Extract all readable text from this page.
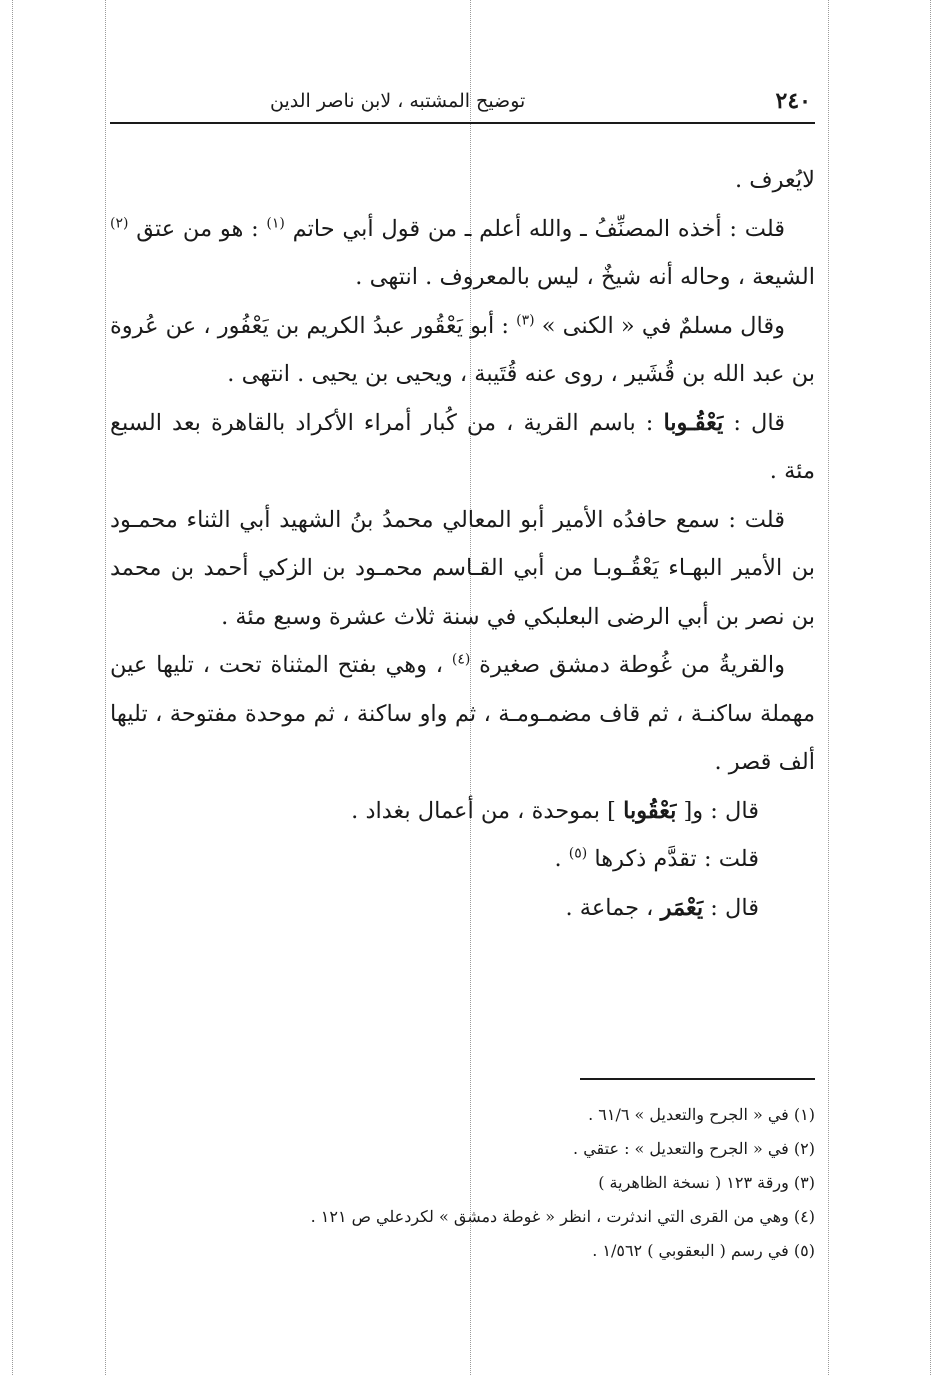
٢٤٠
توضيح المشتبه ، لابن ناصر الدين

لايُعرف .

قلت : أخذه المصنِّفُ ـ والله أعلم ـ من قول أبي حاتم $^{(١)}$ : هو من عتق $^{(٢)}$ الشيعة ، وحاله أنه شيخٌ ، ليس بالمعروف . انتهى .

وقال مسلمٌ في « الكنى » $^{(٣)}$ : أبو يَعْقُور عبدُ الكريم بن يَعْفُور ، عن عُروة بن عبد الله بن قُشَير ، روى عنه قُتَيبة ، ويحيى بن يحيى . انتهى .

قال : يَعْقُـوبا : باسم القرية ، من كُبار أمراء الأكراد بالقاهرة بعد السبع مئة .

قلت : سمع حافدُه الأمير أبو المعالي محمدُ بنُ الشهيد أبي الثناء محمـود بن الأمير البهـاء يَعْقُـوبـا من أبي القـاسم محمـود بن الزكي أحمد بن محمد بن نصر بن أبي الرضى البعلبكي في سنة ثلاث عشرة وسبع مئة .

والقريةُ من غُوطة دمشق صغيرة $^{(٤)}$ ، وهي بفتح المثناة تحت ، تليها عين مهملة ساكنـة ، ثم قاف مضمـومـة ، ثم واو ساكنة ، ثم موحدة مفتوحة ، تليها ألف قصر .

قال : و[ بَعْقُوبا ] بموحدة ، من أعمال بغداد .

قلت : تقدَّم ذكرها $^{(٥)}$ .

قال : يَعْمَر ، جماعة .

(١) في « الجرح والتعديل » ٦١/٦ .
(٢) في « الجرح والتعديل » : عتقي .
(٣) ورقة ١٢٣ ( نسخة الظاهرية )
(٤) وهي من القرى التي اندثرت ، انظر « غوطة دمشق » لكردعلي ص ١٢١ .
(٥) في رسم ( البعقوبي ) ١/٥٦٢ .
